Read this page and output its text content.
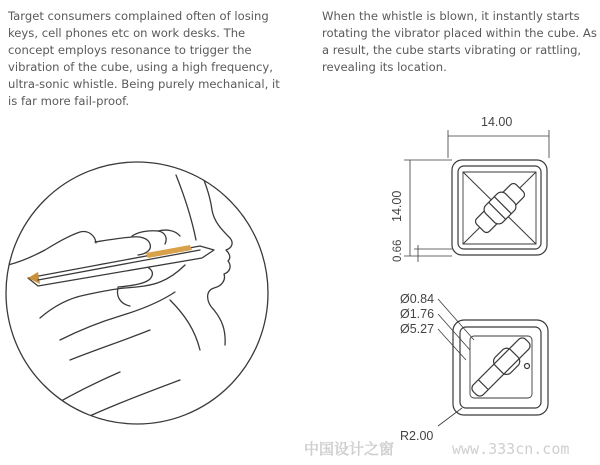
Target consumers complained often of losing keys, cell phones etc on work desks. The concept employs resonance to trigger the vibration of the cube, using a high frequency, ultra-sonic whistle. Being purely mechanical, it is far more fail-proof.

When the whistle is blown, it instantly starts rotating the vibrator placed within the cube. As a result, the cube starts vibrating or rattling, revealing its location.

14.00
14.00
0.66
Ø0.84
Ø1.76
Ø5.27
R2.00
中国设计之窗	www.333cn.com
